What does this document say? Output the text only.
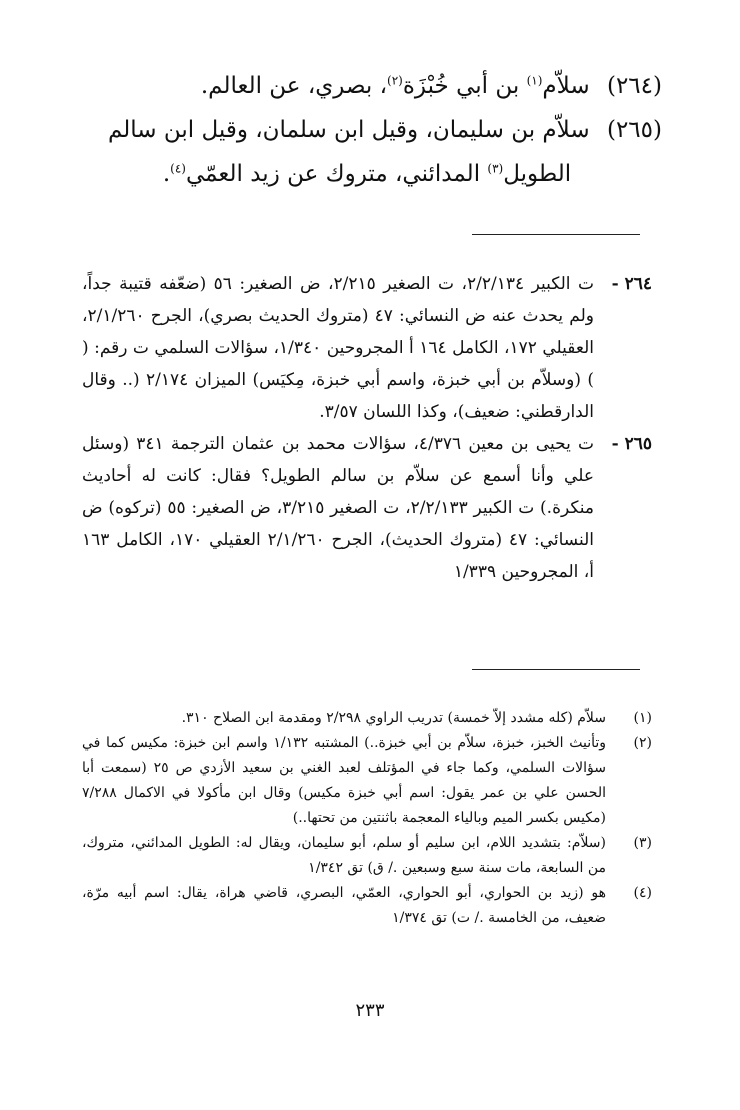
(٢٦٤) سلاّم$^{(١)}$ بن أبي خُبْزَة$^{(٢)}$، بصري، عن العالم.

(٢٦٥) سلاّم بن سليمان، وقيل ابن سلمان، وقيل ابن سالم
الطويل$^{(٣)}$ المدائني، متروك عن زيد العمّي$^{(٤)}$.

٢٦٤ -
ت الكبير ٢/٢/١٣٤، ت الصغير ٢/٢١٥، ض الصغير: ٥٦ (ضعّفه قتيبة جداً، ولم يحدث عنه ض النسائي: ٤٧ (متروك الحديث بصري)، الجرح ٢/١/٢٦٠، العقيلي ١٧٢، الكامل ١٦٤ أ المجروحين ١/٣٤٠، سؤالات السلمي ت رقم: ( ) (وسلاّم بن أبي خبزة، واسم أبي خبزة، مِكيَس) الميزان ٢/١٧٤ (.. وقال الدارقطني: ضعيف)، وكذا اللسان ٣/٥٧.
٢٦٥ -
ت يحيى بن معين ٤/٣٧٦، سؤالات محمد بن عثمان الترجمة ٣٤١ (وسئل علي وأنا أسمع عن سلاّم بن سالم الطويل؟ فقال: كانت له أحاديث منكرة.) ت الكبير ٢/٢/١٣٣، ت الصغير ٣/٢١٥، ض الصغير: ٥٥ (تركوه) ض النسائي: ٤٧ (متروك الحديث)، الجرح ٢/١/٢٦٠ العقيلي ١٧٠، الكامل ١٦٣ أ، المجروحين ١/٣٣٩
(١)
سلاّم (كله مشدد إلاّ خمسة) تدريب الراوي ٢/٢٩٨ ومقدمة ابن الصلاح ٣١٠.
(٢)
وتأنيث الخبز، خبزة، سلاّم بن أبي خبزة..) المشتبه ١/١٣٢ واسم ابن خبزة: مكيس كما في سؤالات السلمي، وكما جاء في المؤتلف لعبد الغني بن سعيد الأزدي ص ٢٥ (سمعت أبا الحسن علي بن عمر يقول: اسم أبي خبزة مكيس) وقال ابن مأكولا في الاكمال ٧/٢٨٨ (مكيس بكسر الميم وبالياء المعجمة باثنتين من تحتها..)
(٣)
(سلاّم: بتشديد اللام، ابن سليم أو سلم، أبو سليمان، ويقال له: الطويل المدائني، متروك، من السابعة، مات سنة سبع وسبعين ./ ق) تق ١/٣٤٢
(٤)
هو (زيد بن الحواري، أبو الحواري، العمّي، البصري، قاضي هراة، يقال: اسم أبيه مرّة، ضعيف، من الخامسة ./ ت) تق ١/٣٧٤
٢٣٣
